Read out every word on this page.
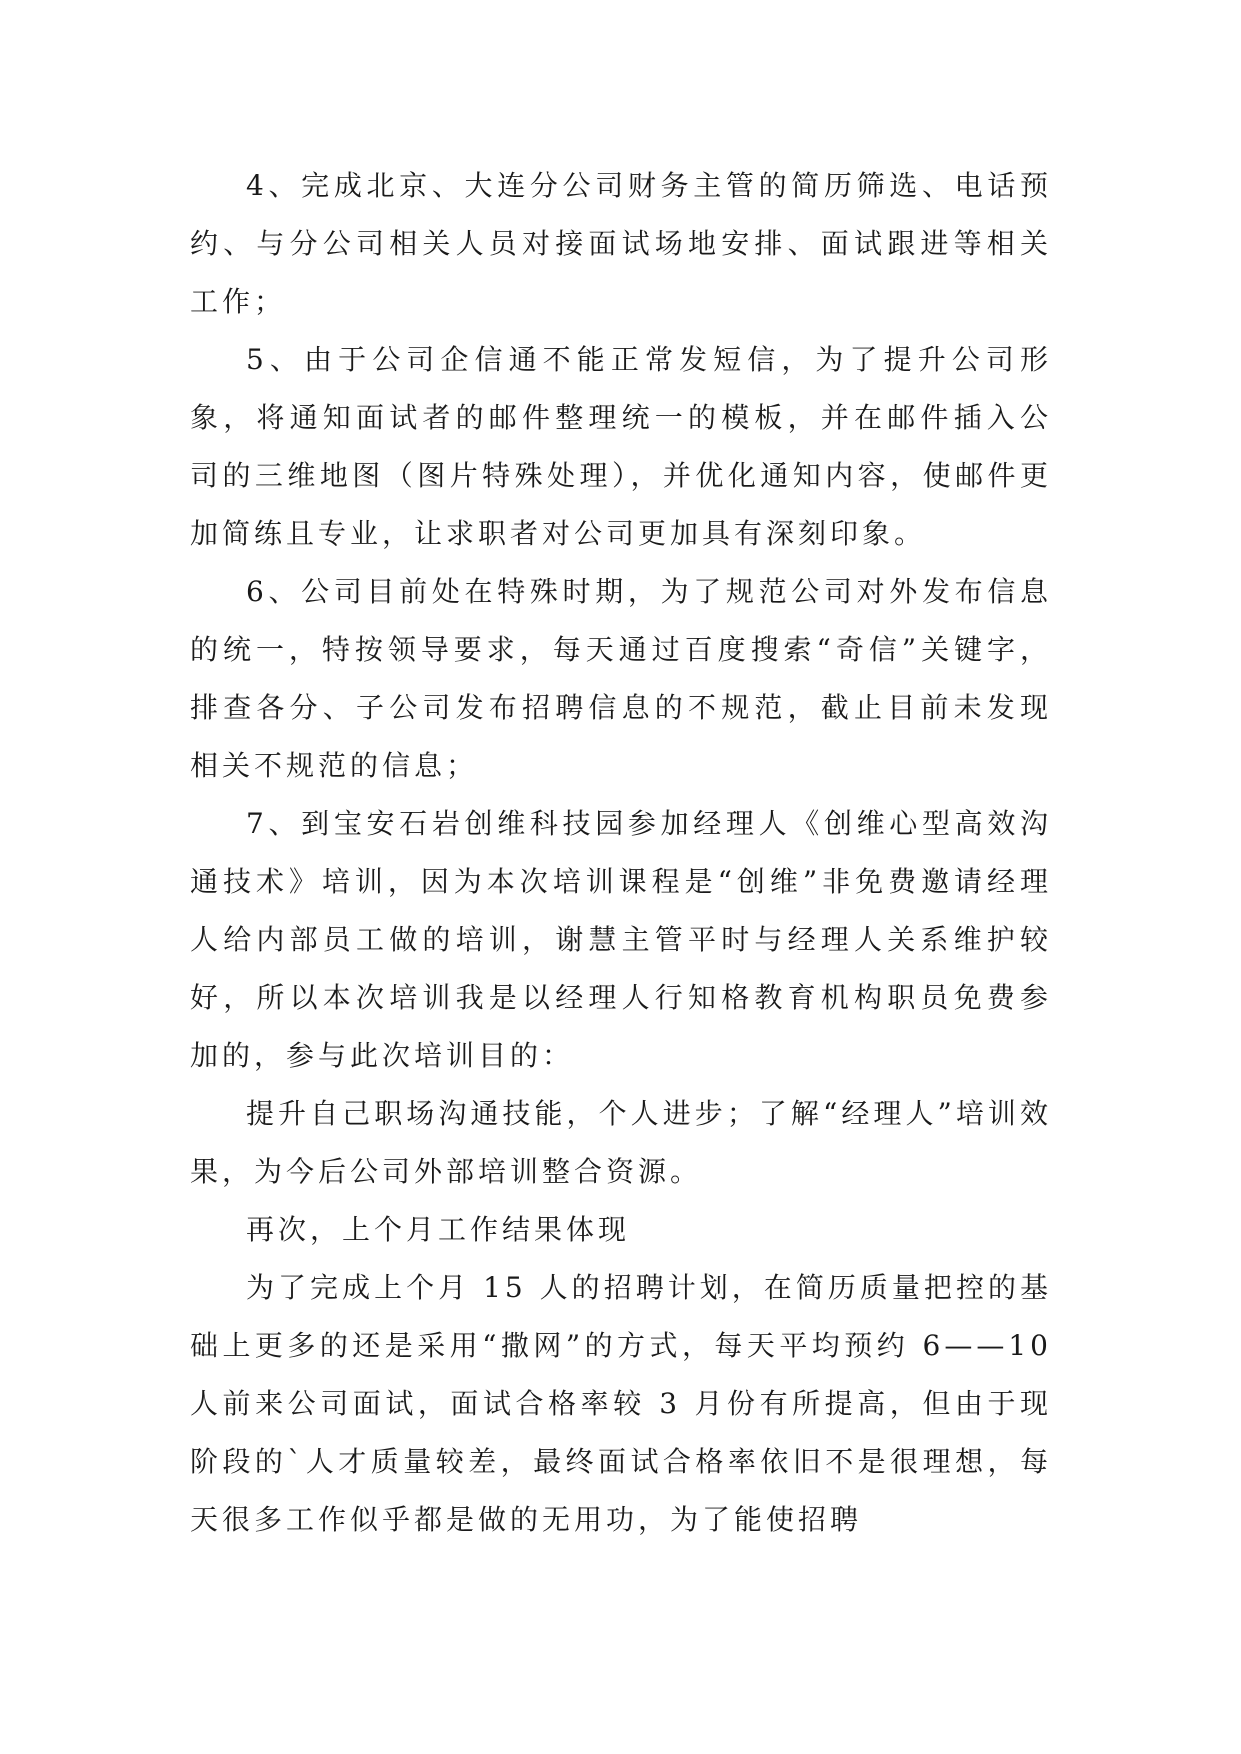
4、完成北京、大连分公司财务主管的简历筛选、电话预约、与分公司相关人员对接面试场地安排、面试跟进等相关工作；

5、由于公司企信通不能正常发短信，为了提升公司形象，将通知面试者的邮件整理统一的模板，并在邮件插入公司的三维地图（图片特殊处理），并优化通知内容，使邮件更加简练且专业，让求职者对公司更加具有深刻印象。

6、公司目前处在特殊时期，为了规范公司对外发布信息的统一，特按领导要求，每天通过百度搜索“奇信”关键字，排查各分、子公司发布招聘信息的不规范，截止目前未发现相关不规范的信息；

7、到宝安石岩创维科技园参加经理人《创维心型高效沟通技术》培训，因为本次培训课程是“创维”非免费邀请经理人给内部员工做的培训，谢慧主管平时与经理人关系维护较好，所以本次培训我是以经理人行知格教育机构职员免费参加的，参与此次培训目的：

提升自己职场沟通技能，个人进步；了解“经理人”培训效果，为今后公司外部培训整合资源。

再次，上个月工作结果体现

为了完成上个月 15 人的招聘计划，在简历质量把控的基础上更多的还是采用“撒网”的方式，每天平均预约 6——10 人前来公司面试，面试合格率较 3 月份有所提高，但由于现阶段的`人才质量较差，最终面试合格率依旧不是很理想，每天很多工作似乎都是做的无用功，为了能使招聘
